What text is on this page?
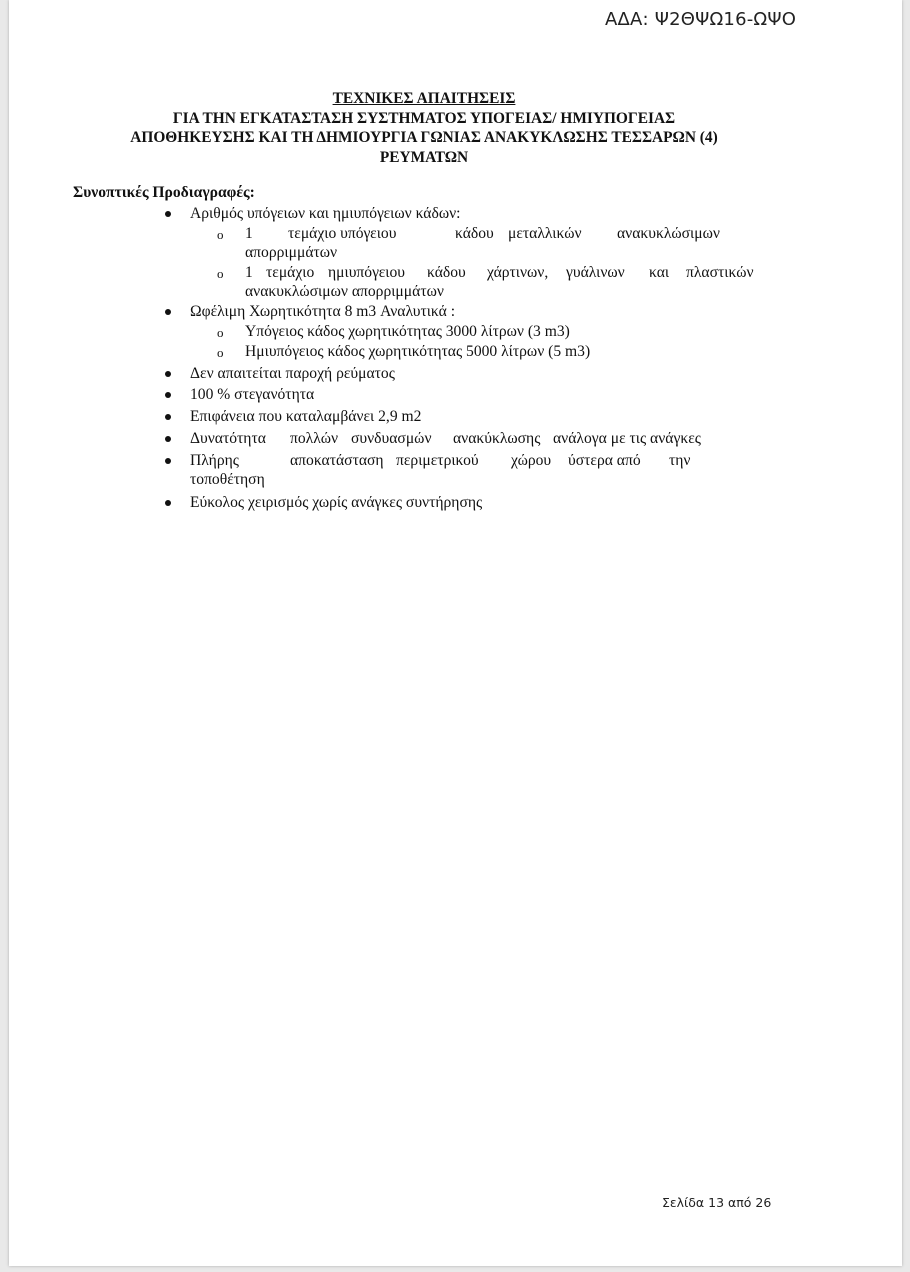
ΑΔΑ: Ψ2ΘΨΩ16-ΩΨΟ
ΤΕΧΝΙΚΕΣ ΑΠΑΙΤΗΣΕΙΣ
ΓΙΑ ΤΗΝ ΕΓΚΑΤΑΣΤΑΣΗ ΣΥΣΤΗΜΑΤΟΣ ΥΠΟΓΕΙΑΣ/ ΗΜΙΥΠΟΓΕΙΑΣ
ΑΠΟΘΗΚΕΥΣΗΣ ΚΑΙ ΤΗ ΔΗΜΙΟΥΡΓΙΑ ΓΩΝΙΑΣ ΑΝΑΚΥΚΛΩΣΗΣ ΤΕΣΣΑΡΩΝ (4)
ΡΕΥΜΑΤΩΝ
Συνοπτικές Προδιαγραφές:
Αριθμός υπόγειων και ημιυπόγειων κάδων:
o 1 τεμάχιο υπόγειου	κάδου μεταλλικών ανακυκλώσιμων
απορριμμάτων
o 1 τεμάχιο ημιυπόγειου κάδου χάρτινων, γυάλινων και πλαστικών
ανακυκλώσιμων απορριμμάτων
Ωφέλιμη Χωρητικότητα 8 m3 Αναλυτικά :
o Υπόγειος κάδος χωρητικότητας 3000 λίτρων (3 m3)
o Ημιυπόγειος κάδος χωρητικότητας 5000 λίτρων (5 m3)
Δεν απαιτείται παροχή ρεύματος
100 % στεγανότητα
Επιφάνεια που καταλαμβάνει 2,9 m2
Δυνατότητα πολλών συνδυασμών ανακύκλωσης ανάλογα με τις ανάγκες
Πλήρης	αποκατάσταση περιμετρικού χώρου ύστερα από την
τοποθέτηση
Εύκολος χειρισμός χωρίς ανάγκες συντήρησης
Σελίδα 13 από 26
